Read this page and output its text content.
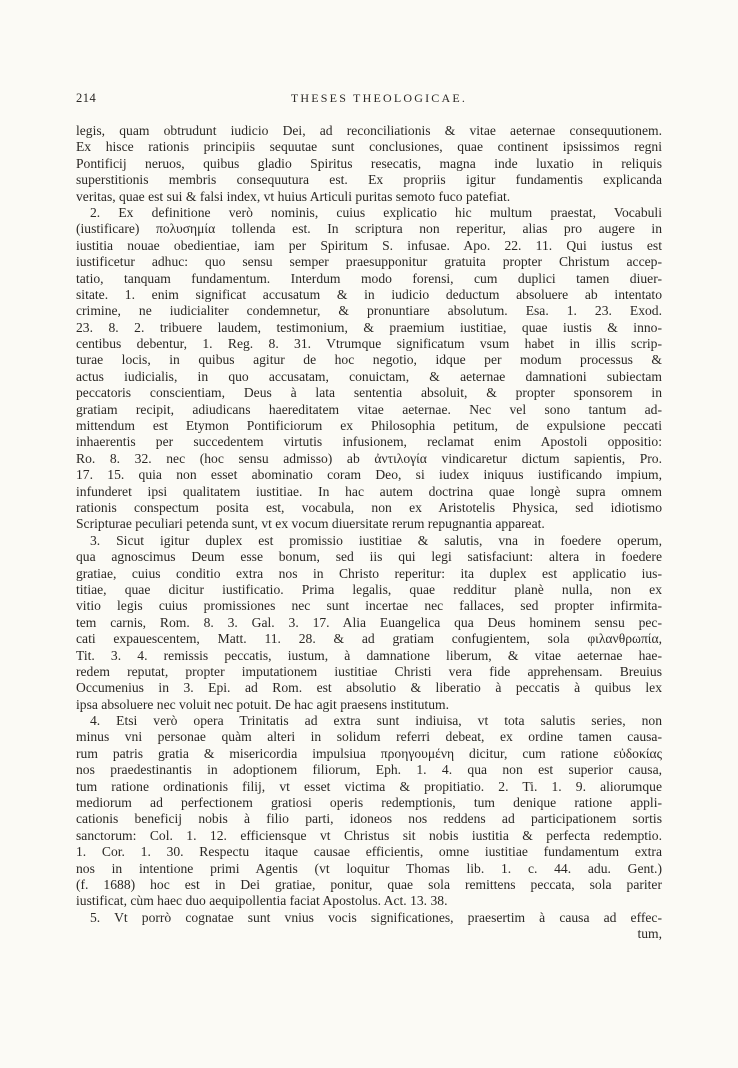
214	THESES THEOLOGICAE.
legis, quam obtrudunt iudicio Dei, ad reconciliationis & vitae aeternae consequutionem.
Ex hisce rationis principiis sequutae sunt conclusiones, quae continent ipsissimos regni
Pontificij neruos, quibus gladio Spiritus resecatis, magna inde luxatio in reliquis
superstitionis membris consequutura est. Ex propriis igitur fundamentis explicanda
veritas, quae est sui & falsi index, vt huius Articuli puritas semoto fuco patefiat.
2. Ex definitione verò nominis, cuius explicatio hic multum praestat, Vocabuli
(iustificare) πολυσημία tollenda est. In scriptura non reperitur, alias pro augere in
iustitia nouae obedientiae, iam per Spiritum S. infusae. Apo. 22. 11. Qui iustus est
iustificetur adhuc: quo sensu semper praesupponitur gratuita propter Christum accep-
tatio, tanquam fundamentum. Interdum modo forensi, cum duplici tamen diuer-
sitate. 1. enim significat accusatum & in iudicio deductum absoluere ab intentato
crimine, ne iudicialiter condemnetur, & pronuntiare absolutum. Esa. 1. 23. Exod.
23. 8. 2. tribuere laudem, testimonium, & praemium iustitiae, quae iustis & inno-
centibus debentur, 1. Reg. 8. 31. Vtrumque significatum vsum habet in illis scrip-
turae locis, in quibus agitur de hoc negotio, idque per modum processus &
actus iudicialis, in quo accusatam, conuictam, & aeternae damnationi subiectam
peccatoris conscientiam, Deus à lata sententia absoluit, & propter sponsorem in
gratiam recipit, adiudicans haereditatem vitae aeternae. Nec vel sono tantum ad-
mittendum est Etymon Pontificiorum ex Philosophia petitum, de expulsione peccati
inhaerentis per succedentem virtutis infusionem, reclamat enim Apostoli oppositio:
Ro. 8. 32. nec (hoc sensu admisso) ab ἀντιλογία vindicaretur dictum sapientis, Pro.
17. 15. quia non esset abominatio coram Deo, si iudex iniquus iustificando impium,
infunderet ipsi qualitatem iustitiae. In hac autem doctrina quae longè supra omnem
rationis conspectum posita est, vocabula, non ex Aristotelis Physica, sed idiotismo
Scripturae peculiari petenda sunt, vt ex vocum diuersitate rerum repugnantia appareat.
3. Sicut igitur duplex est promissio iustitiae & salutis, vna in foedere operum,
qua agnoscimus Deum esse bonum, sed iis qui legi satisfaciunt: altera in foedere
gratiae, cuius conditio extra nos in Christo reperitur: ita duplex est applicatio ius-
titiae, quae dicitur iustificatio. Prima legalis, quae redditur planè nulla, non ex
vitio legis cuius promissiones nec sunt incertae nec fallaces, sed propter infirmita-
tem carnis, Rom. 8. 3. Gal. 3. 17. Alia Euangelica qua Deus hominem sensu pec-
cati expauescentem, Matt. 11. 28. & ad gratiam confugientem, sola φιλανθρωπία,
Tit. 3. 4. remissis peccatis, iustum, à damnatione liberum, & vitae aeternae hae-
redem reputat, propter imputationem iustitiae Christi vera fide apprehensam. Breuius
Occumenius in 3. Epi. ad Rom. est absolutio & liberatio à peccatis à quibus lex
ipsa absoluere nec voluit nec potuit. De hac agit praesens institutum.
4. Etsi verò opera Trinitatis ad extra sunt indiuisa, vt tota salutis series, non
minus vni personae quàm alteri in solidum referri debeat, ex ordine tamen causa-
rum patris gratia & misericordia impulsiua προηγουμένη dicitur, cum ratione εὐδοκίας
nos praedestinantis in adoptionem filiorum, Eph. 1. 4. qua non est superior causa,
tum ratione ordinationis filij, vt esset victima & propitiatio. 2. Ti. 1. 9. aliorumque
mediorum ad perfectionem gratiosi operis redemptionis, tum denique ratione appli-
cationis beneficij nobis à filio parti, idoneos nos reddens ad participationem sortis
sanctorum: Col. 1. 12. efficiensque vt Christus sit nobis iustitia & perfecta redemptio.
1. Cor. 1. 30. Respectu itaque causae efficientis, omne iustitiae fundamentum extra
nos in intentione primi Agentis (vt loquitur Thomas lib. 1. c. 44. adu. Gent.)
(f. 1688) hoc est in Dei gratiae, ponitur, quae sola remittens peccata, sola pariter
iustificat, cùm haec duo aequipollentia faciat Apostolus. Act. 13. 38.
5. Vt porrò cognatae sunt vnius vocis significationes, praesertim à causa ad effec-
tum,
